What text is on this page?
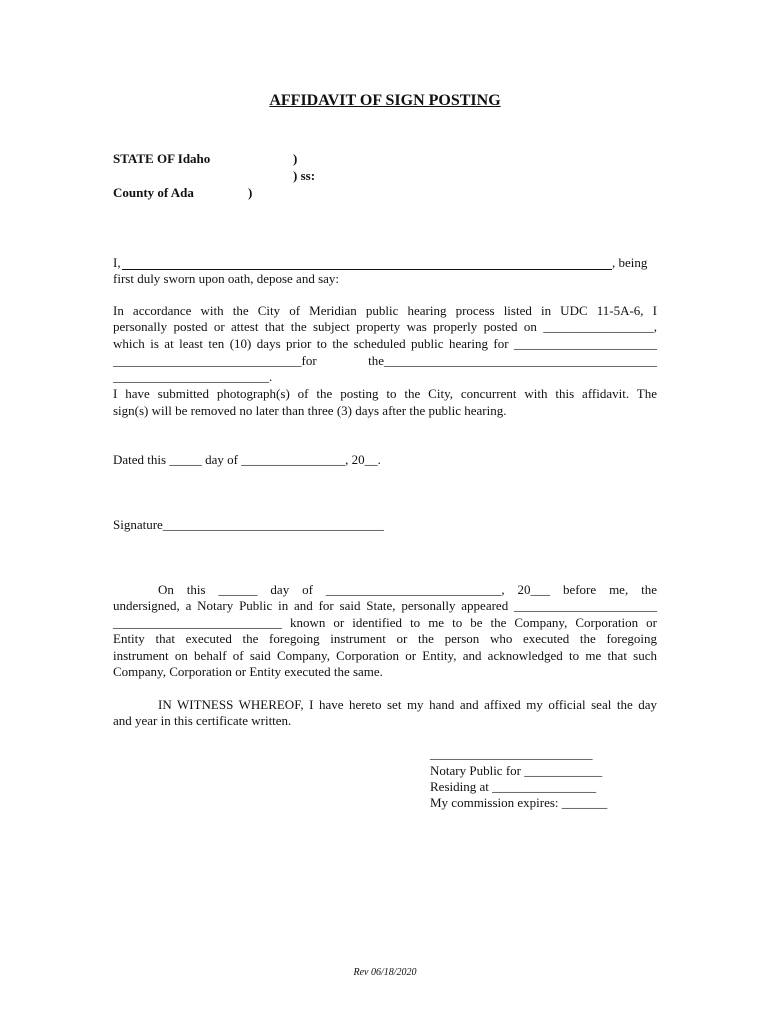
AFFIDAVIT OF SIGN POSTING
STATE OF Idaho	)
) ss:
County of Ada	)
I,	, being
first duly sworn upon oath, depose and say:
In accordance with the City of Meridian public hearing process listed in UDC 11-5A-6, I
personally posted or attest that the subject property was properly posted on _________________,
which is at least ten (10) days prior to the scheduled public hearing for ______________________
_____________________________for the__________________________________________
________________________.
I have submitted photograph(s) of the posting to the City, concurrent with this affidavit. The
sign(s) will be removed no later than three (3) days after the public hearing.
Dated this _____ day of ________________, 20__.
Signature__________________________________
On this ______ day of ___________________________, 20___ before me, the
undersigned, a Notary Public in and for said State, personally appeared ______________________
__________________________ known or identified to me to be the Company, Corporation or
Entity that executed the foregoing instrument or the person who executed the foregoing
instrument on behalf of said Company, Corporation or Entity, and acknowledged to me that such
Company, Corporation or Entity executed the same.
IN WITNESS WHEREOF, I have hereto set my hand and affixed my official seal the day
and year in this certificate written.
_________________________
Notary Public for ____________
Residing at ________________
My commission expires: _______
Rev 06/18/2020
